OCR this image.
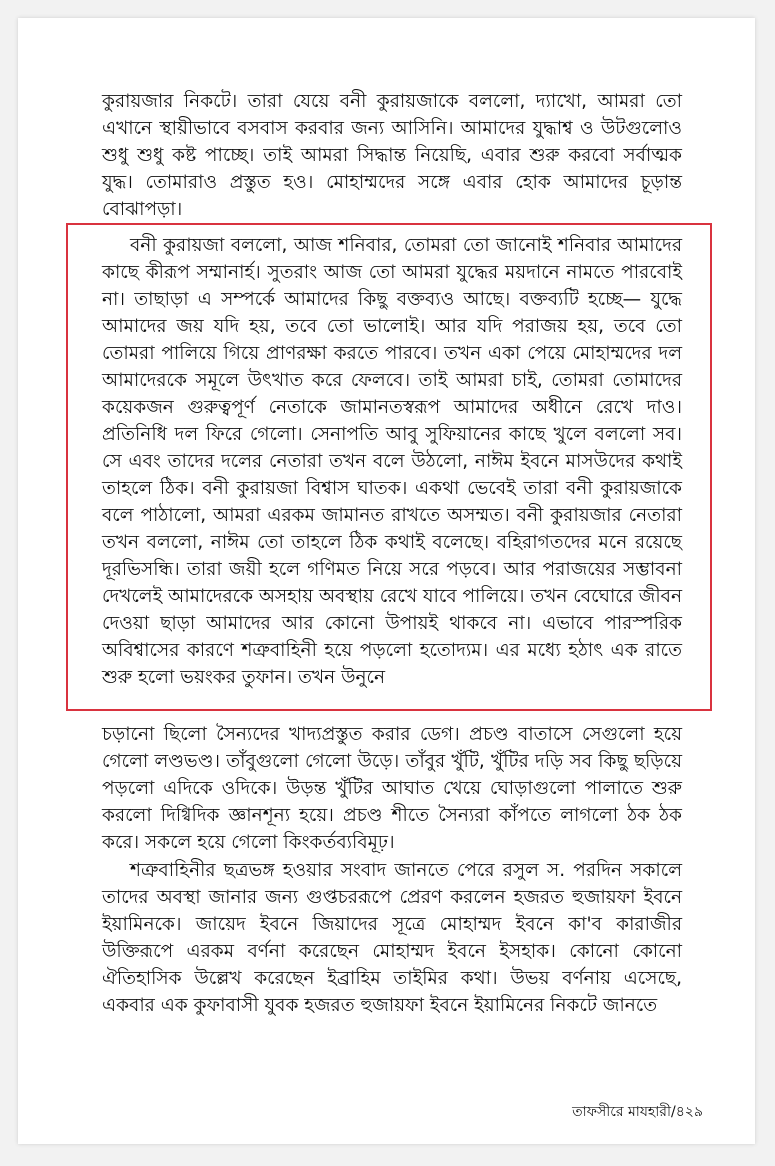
কুরায়জার নিকটে। তারা যেয়ে বনী কুরায়জাকে বললো, দ্যাখো, আমরা তো এখানে স্থায়ীভাবে বসবাস করবার জন্য আসিনি। আমাদের যুদ্ধাশ্ব ও উটগুলোও শুধু শুধু কষ্ট পাচ্ছে। তাই আমরা সিদ্ধান্ত নিয়েছি, এবার শুরু করবো সর্বাত্মক যুদ্ধ। তোমারাও প্রস্তুত হও। মোহাম্মদের সঙ্গে এবার হোক আমাদের চূড়ান্ত বোঝাপড়া।

বনী কুরায়জা বললো, আজ শনিবার, তোমরা তো জানোই শনিবার আমাদের কাছে কীরূপ সম্মানার্হ। সুতরাং আজ তো আমরা যুদ্ধের ময়দানে নামতে পারবোই না। তাছাড়া এ সম্পর্কে আমাদের কিছু বক্তব্যও আছে। বক্তব্যটি হচ্ছে— যুদ্ধে আমাদের জয় যদি হয়, তবে তো ভালোই। আর যদি পরাজয় হয়, তবে তো তোমরা পালিয়ে গিয়ে প্রাণরক্ষা করতে পারবে। তখন একা পেয়ে মোহাম্মদের দল আমাদেরকে সমূলে উৎখাত করে ফেলবে। তাই আমরা চাই, তোমরা তোমাদের কয়েকজন গুরুত্বপূর্ণ নেতাকে জামানতস্বরূপ আমাদের অধীনে রেখে দাও। প্রতিনিধি দল ফিরে গেলো। সেনাপতি আবু সুফিয়ানের কাছে খুলে বললো সব। সে এবং তাদের দলের নেতারা তখন বলে উঠলো, নাঈম ইবনে মাসউদের কথাই তাহলে ঠিক। বনী কুরায়জা বিশ্বাস ঘাতক। একথা ভেবেই তারা বনী কুরায়জাকে বলে পাঠালো, আমরা এরকম জামানত রাখতে অসম্মত। বনী কুরায়জার নেতারা তখন বললো, নাঈম তো তাহলে ঠিক কথাই বলেছে। বহিরাগতদের মনে রয়েছে দূরভিসন্ধি। তারা জয়ী হলে গণিমত নিয়ে সরে পড়বে। আর পরাজয়ের সম্ভাবনা দেখলেই আমাদেরকে অসহায় অবস্থায় রেখে যাবে পালিয়ে। তখন বেঘোরে জীবন দেওয়া ছাড়া আমাদের আর কোনো উপায়ই থাকবে না। এভাবে পারস্পরিক অবিশ্বাসের কারণে শত্রুবাহিনী হয়ে পড়লো হতোদ্যম। এর মধ্যে হঠাৎ এক রাতে শুরু হলো ভয়ংকর তুফান। তখন উনুনে

চড়ানো ছিলো সৈন্যদের খাদ্যপ্রস্তুত করার ডেগ। প্রচণ্ড বাতাসে সেগুলো হয়ে গেলো লণ্ডভণ্ড। তাঁবুগুলো গেলো উড়ে। তাঁবুর খুঁটি, খুঁটির দড়ি সব কিছু ছড়িয়ে পড়লো এদিকে ওদিকে। উড়ন্ত খুঁটির আঘাত খেয়ে ঘোড়াগুলো পালাতে শুরু করলো দিগ্বিদিক জ্ঞানশূন্য হয়ে। প্রচণ্ড শীতে সৈন্যরা কাঁপতে লাগলো ঠক ঠক করে। সকলে হয়ে গেলো কিংকর্তব্যবিমূঢ়।

শত্রুবাহিনীর ছত্রভঙ্গ হওয়ার সংবাদ জানতে পেরে রসুল স. পরদিন সকালে তাদের অবস্থা জানার জন্য গুপ্তচররূপে প্রেরণ করলেন হজরত হুজায়ফা ইবনে ইয়ামিনকে। জায়েদ ইবনে জিয়াদের সূত্রে মোহাম্মদ ইবনে কা'ব কারাজীর উক্তিরূপে এরকম বর্ণনা করেছেন মোহাম্মদ ইবনে ইসহাক। কোনো কোনো ঐতিহাসিক উল্লেখ করেছেন ইব্রাহিম তাইমির কথা। উভয় বর্ণনায় এসেছে, একবার এক কুফাবাসী যুবক হজরত হুজায়ফা ইবনে ইয়ামিনের নিকটে জানতে

তাফসীরে মাযহারী/৪২৯
